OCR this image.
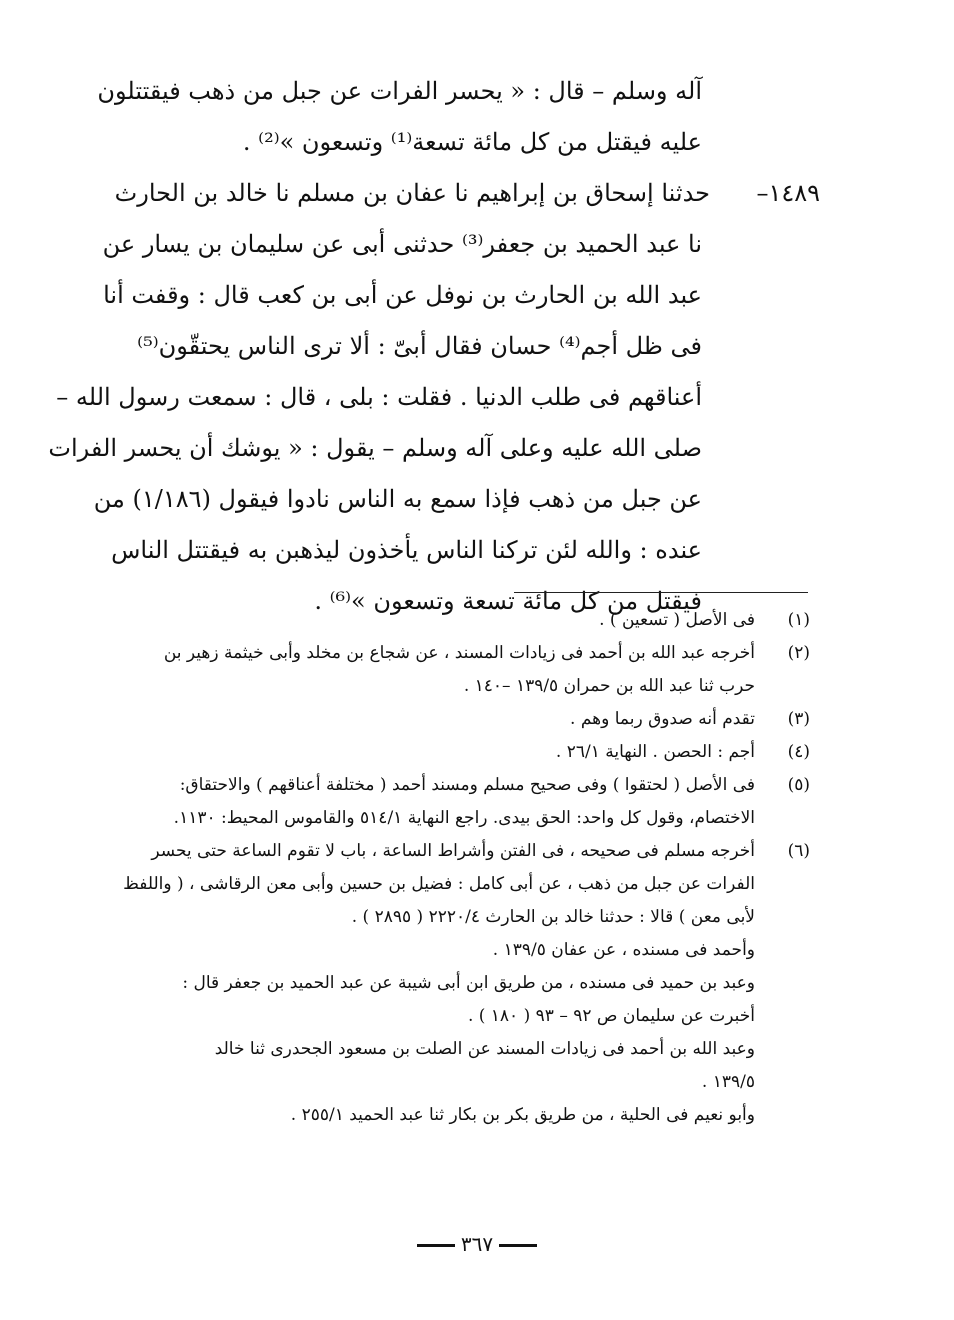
آله وسلم – قال : « يحسر الفرات عن جبل من ذهب فيقتتلون
عليه فيقتل من كل مائة تسعة⁽¹⁾ وتسعون »⁽²⁾ .
١٤٨٩–حدثنا إسحاق بن إبراهيم نا عفان بن مسلم نا خالد بن الحارث
نا عبد الحميد بن جعفر⁽³⁾ حدثنى أبى عن سليمان بن يسار عن
عبد الله بن الحارث بن نوفل عن أبى بن كعب قال : وقفت أنا
فى ظل أجم⁽⁴⁾ حسان فقال أبىّ : ألا ترى الناس يحتقّون⁽⁵⁾
أعناقهم فى طلب الدنيا . فقلت : بلى ، قال : سمعت رسول الله –
صلى الله عليه وعلى آله وسلم – يقول : « يوشك أن يحسر الفرات
عن جبل من ذهب فإذا سمع به الناس نادوا فيقول (١/١٨٦) من
عنده : والله لئن تركنا الناس يأخذون ليذهبن به فيقتتل الناس
فيقتل من كل مائة تسعة وتسعون »⁽⁶⁾ .
(١)
فى الأصل ( تسعين ) .
(٢)
أخرجه عبد الله بن أحمد فى زيادات المسند ، عن شجاع بن مخلد وأبى خيثمة زهير بن
حرب ثنا عبد الله بن حمران ١٣٩/٥ –١٤٠ .
(٣)
تقدم أنه صدوق ربما وهم .
(٤)
أجم : الحصن . النهاية ٢٦/١ .
(٥)
فى الأصل ( لحتقوا ) وفى صحيح مسلم ومسند أحمد ( مختلفة أعناقهم ) والاحتقاق:
الاختصام، وقول كل واحد: الحق بيدى. راجع النهاية ٥١٤/١ والقاموس المحيط: ١١٣٠.
(٦)
أخرجه مسلم فى صحيحه ، فى الفتن وأشراط الساعة ، باب لا تقوم الساعة حتى يحسر
الفرات عن جبل من ذهب ، عن أبى كامل : فضيل بن حسين وأبى معن الرقاشى ، ( واللفظ
لأبى معن ) قالا : حدثنا خالد بن الحارث ٢٢٢٠/٤ ( ٢٨٩٥ ) .
وأحمد فى مسنده ، عن عفان ١٣٩/٥ .
وعبد بن حميد فى مسنده ، من طريق ابن أبى شيبة عن عبد الحميد بن جعفر قال :
أخبرت عن سليمان ص ٩٢ – ٩٣ ( ١٨٠ ) .
وعبد الله بن أحمد فى زيادات المسند عن الصلت بن مسعود الجحدرى ثنا خالد
١٣٩/٥ .
وأبو نعيم فى الحلية ، من طريق بكر بن بكار ثنا عبد الحميد ٢٥٥/١ .
٣٦٧
